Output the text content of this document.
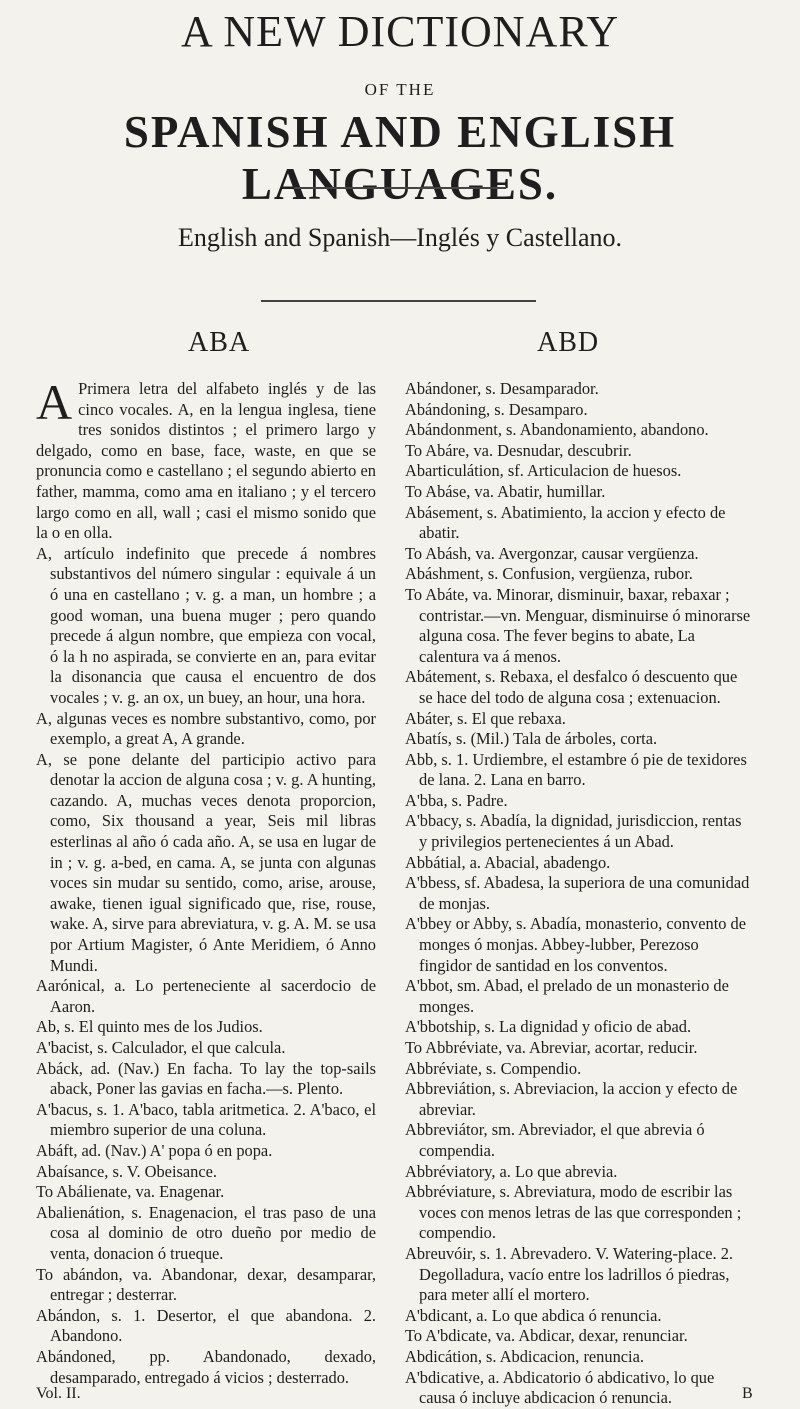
A NEW DICTIONARY
OF THE
SPANISH AND ENGLISH LANGUAGES.
English and Spanish—Inglés y Castellano.
ABA	ABD

A Primera letra del alfabeto inglés y de las cinco vocales. A, en la lengua inglesa, tiene tres sonidos distintos ; el primero largo y delgado, como en base, face, waste, en que se pronuncia como e castellano ; el segundo abierto en father, mamma, como ama en italiano ; y el tercero largo como en all, wall ; casi el mismo sonido que la o en olla.

A, artículo indefinito que precede á nombres substantivos del número singular : equivale á un ó una en castellano ; v. g. a man, un hombre ; a good woman, una buena muger ; pero quando precede á algun nombre, que empieza con vocal, ó la h no aspirada, se convierte en an, para evitar la disonancia que causa el encuentro de dos vocales ; v. g. an ox, un buey, an hour, una hora.

A, algunas veces es nombre substantivo, como, por exemplo, a great A, A grande.

A, se pone delante del participio activo para denotar la accion de alguna cosa ; v. g. A hunting, cazando. A, muchas veces denota proporcion, como, Six thousand a year, Seis mil libras esterlinas al año ó cada año. A, se usa en lugar de in ; v. g. a-bed, en cama. A, se junta con algunas voces sin mudar su sentido, como, arise, arouse, awake, tienen igual significado que, rise, rouse, wake. A, sirve para abreviatura, v. g. A. M. se usa por Artium Magister, ó Ante Meridiem, ó Anno Mundi.

Aarónical, a. Lo perteneciente al sacerdocio de Aaron.

Ab, s. El quinto mes de los Judios.

A'bacist, s. Calculador, el que calcula.

Abáck, ad. (Nav.) En facha. To lay the top-sails aback, Poner las gavias en facha.—s. Plento.

A'bacus, s. 1. A'baco, tabla aritmetica. 2. A'baco, el miembro superior de una coluna.

Abáft, ad. (Nav.) A' popa ó en popa.

Abaísance, s. V. Obeisance.

To Abálienate, va. Enagenar.

Abalienátion, s. Enagenacion, el tras paso de una cosa al dominio de otro dueño por medio de venta, donacion ó trueque.

To abándon, va. Abandonar, dexar, desamparar, entregar ; desterrar.

Abándon, s. 1. Desertor, el que abandona. 2. Abandono.

Abándoned, pp. Abandonado, dexado, desamparado, entregado á vicios ; desterrado.

Abándoner, s. Desamparador.

Abándoning, s. Desamparo.

Abándonment, s. Abandonamiento, abandono.

To Abáre, va. Desnudar, descubrir.

Abarticulátion, sf. Articulacion de huesos.

To Abáse, va. Abatir, humillar.

Abásement, s. Abatimiento, la accion y efecto de abatir.

To Abásh, va. Avergonzar, causar vergüenza.

Abáshment, s. Confusion, vergüenza, rubor.

To Abáte, va. Minorar, disminuir, baxar, rebaxar ; contristar.—vn. Menguar, disminuirse ó minorarse alguna cosa. The fever begins to abate, La calentura va á menos.

Abátement, s. Rebaxa, el desfalco ó descuento que se hace del todo de alguna cosa ; extenuacion.

Abáter, s. El que rebaxa.

Abatís, s. (Mil.) Tala de árboles, corta.

Abb, s. 1. Urdiembre, el estambre ó pie de texidores de lana. 2. Lana en barro.

A'bba, s. Padre.

A'bbacy, s. Abadía, la dignidad, jurisdiccion, rentas y privilegios pertenecientes á un Abad.

Abbátial, a. Abacial, abadengo.

A'bbess, sf. Abadesa, la superiora de una comunidad de monjas.

A'bbey or Abby, s. Abadía, monasterio, convento de monges ó monjas. Abbey-lubber, Perezoso fingidor de santidad en los conventos.

A'bbot, sm. Abad, el prelado de un monasterio de monges.

A'bbotship, s. La dignidad y oficio de abad.

To Abbréviate, va. Abreviar, acortar, reducir.

Abbréviate, s. Compendio.

Abbreviátion, s. Abreviacion, la accion y efecto de abreviar.

Abbreviátor, sm. Abreviador, el que abrevia ó compendia.

Abbréviatory, a. Lo que abrevia.

Abbréviature, s. Abreviatura, modo de escribir las voces con menos letras de las que corresponden ; compendio.

Abreuvóir, s. 1. Abrevadero. V. Watering-place. 2. Degolladura, vacío entre los ladrillos ó piedras, para meter allí el mortero.

A'bdicant, a. Lo que abdica ó renuncia.

To A'bdicate, va. Abdicar, dexar, renunciar.

Abdicátion, s. Abdicacion, renuncia.

A'bdicative, a. Abdicatorio ó abdicativo, lo que causa ó incluye abdicacion ó renuncia.

Vol. II.	B
